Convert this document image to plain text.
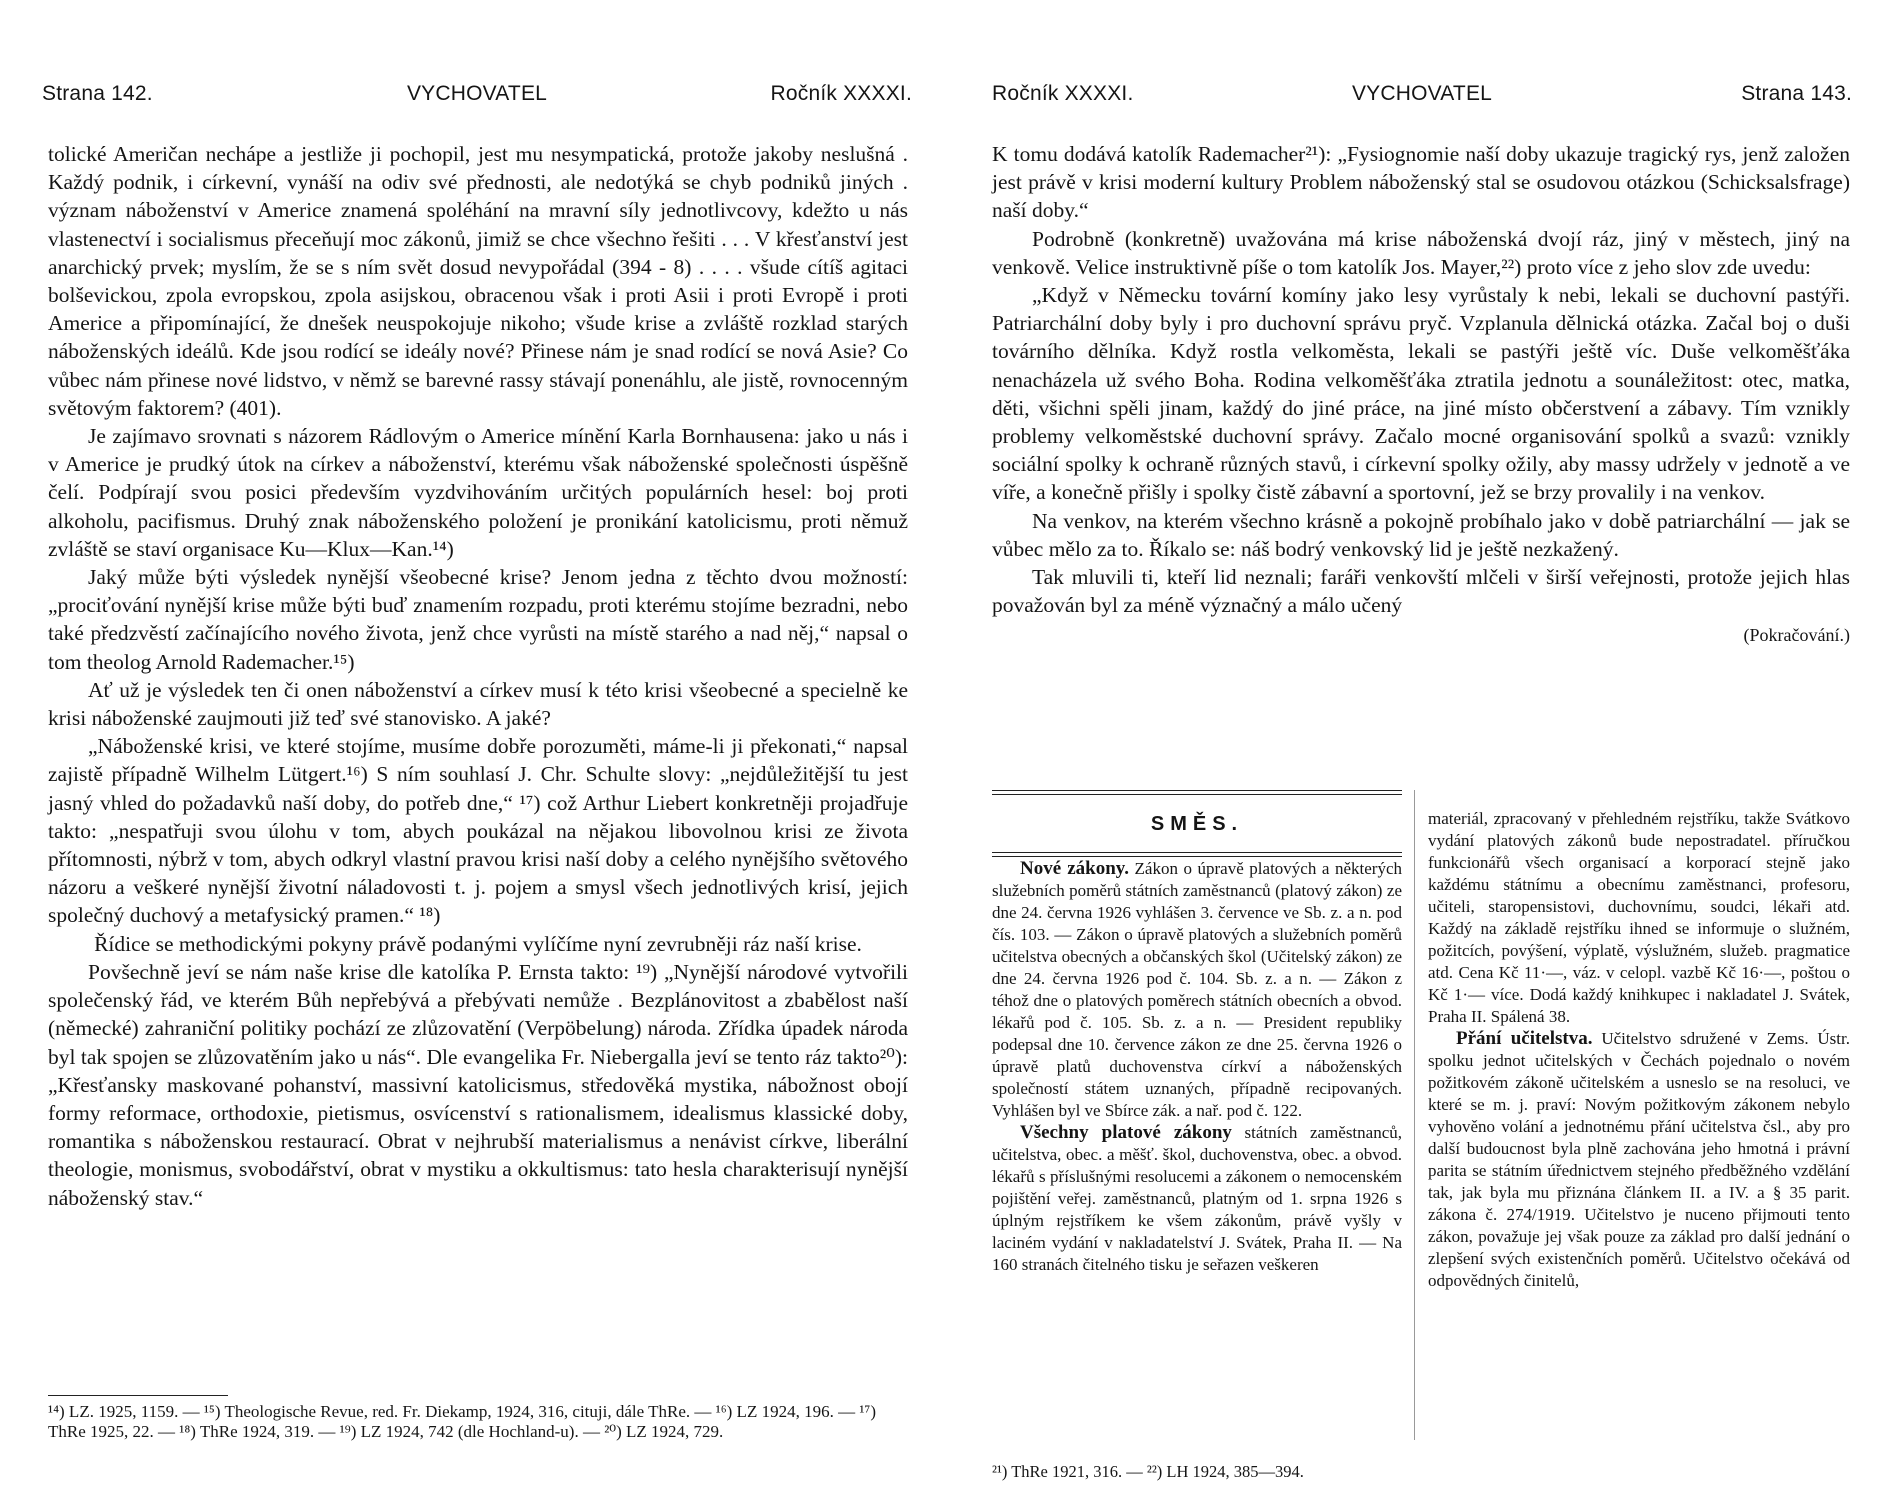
Strana 142.	VYCHOVATEL	Ročník XXXXI.

tolické Američan nechápe a jestliže ji pochopil, jest mu nesympatická, protože jakoby neslušná . Každý podnik, i církevní, vynáší na odiv své přednosti, ale nedotýká se chyb podniků jiných . význam náboženství v Americe znamená spoléhání na mravní síly jednotlivcovy, kdežto u nás vlastenectví i socialismus přeceňují moc zákonů, jimiž se chce všechno řešiti . . . V křesťanství jest anarchický prvek; myslím, že se s ním svět dosud nevypořádal (394 - 8) . . . . všude cítíš agitaci bolševickou, zpola evropskou, zpola asijskou, obracenou však i proti Asii i proti Evropě i proti Americe a připomínající, že dnešek neuspokojuje nikoho; všude krise a zvláště rozklad starých náboženských ideálů. Kde jsou rodící se ideály nové? Přinese nám je snad rodící se nová Asie? Co vůbec nám přinese nové lidstvo, v němž se barevné rassy stávají ponenáhlu, ale jistě, rovnocenným světovým faktorem? (401).

Je zajímavo srovnati s názorem Rádlovým o Americe mínění Karla Bornhausena: jako u nás i v Americe je prudký útok na církev a náboženství, kterému však náboženské společnosti úspěšně čelí. Podpírají svou posici především vyzdvihováním určitých populárních hesel: boj proti alkoholu, pacifismus. Druhý znak náboženského položení je pronikání katolicismu, proti němuž zvláště se staví organisace Ku—Klux—Kan.¹⁴)

Jaký může býti výsledek nynější všeobecné krise? Jenom jedna z těchto dvou možností: „prociťování nynější krise může býti buď znamením rozpadu, proti kterému stojíme bezradni, nebo také předzvěstí začínajícího nového života, jenž chce vyrůsti na místě starého a nad něj,“ napsal o tom theolog Arnold Rademacher.¹⁵)

Ať už je výsledek ten či onen náboženství a církev musí k této krisi všeobecné a specielně ke krisi náboženské zaujmouti již teď své stanovisko. A jaké?

„Náboženské krisi, ve které stojíme, musíme dobře porozuměti, máme-li ji překonati,“ napsal zajistě případně Wilhelm Lütgert.¹⁶) S ním souhlasí J. Chr. Schulte slovy: „nejdůležitější tu jest jasný vhled do požadavků naší doby, do potřeb dne,“ ¹⁷) což Arthur Liebert konkretněji projadřuje takto: „nespatřuji svou úlohu v tom, abych poukázal na nějakou libovolnou krisi ze života přítomnosti, nýbrž v tom, abych odkryl vlastní pravou krisi naší doby a celého nynějšího světového názoru a veškeré nynější životní náladovosti t. j. pojem a smysl všech jednotlivých krisí, jejich společný duchový a metafysický pramen.“ ¹⁸)

Řídice se methodickými pokyny právě podanými vylíčíme nyní zevrubněji ráz naší krise.

Povšechně jeví se nám naše krise dle katolíka P. Ernsta takto: ¹⁹) „Nynější národové vytvořili společenský řád, ve kterém Bůh nepřebývá a přebývati nemůže . Bezplánovitost a zbabělost naší (německé) zahraniční politiky pochází ze zlůzovatění (Verpöbelung) národa. Zřídka úpadek národa byl tak spojen se zlůzovatěním jako u nás“. Dle evangelika Fr. Niebergalla jeví se tento ráz takto²⁰): „Křesťansky maskované pohanství, massivní katolicismus, středověká mystika, nábožnost obojí formy reformace, orthodoxie, pietismus, osvícenství s rationalismem, idealismus klassické doby, romantika s náboženskou restaurací. Obrat v nejhrubší materialismus a nenávist církve, liberální theologie, monismus, svobodářství, obrat v mystiku a okkultismus: tato hesla charakterisují nynější náboženský stav.“

¹⁴) LZ. 1925, 1159. — ¹⁵) Theologische Revue, red. Fr. Diekamp, 1924, 316, cituji, dále ThRe. — ¹⁶) LZ 1924, 196. — ¹⁷) ThRe 1925, 22. — ¹⁸) ThRe 1924, 319. — ¹⁹) LZ 1924, 742 (dle Hochland-u). — ²⁰) LZ 1924, 729.
Ročník XXXXI.	VYCHOVATEL	Strana 143.

K tomu dodává katolík Rademacher²¹): „Fysiognomie naší doby ukazuje tragický rys, jenž založen jest právě v krisi moderní kultury Problem náboženský stal se osudovou otázkou (Schicksalsfrage) naší doby.“

Podrobně (konkretně) uvažována má krise náboženská dvojí ráz, jiný v městech, jiný na venkově. Velice instruktivně píše o tom katolík Jos. Mayer,²²) proto více z jeho slov zde uvedu:

„Když v Německu tovární komíny jako lesy vyrůstaly k nebi, lekali se duchovní pastýři. Patriarchální doby byly i pro duchovní správu pryč. Vzplanula dělnická otázka. Začal boj o duši továrního dělníka. Když rostla velkoměsta, lekali se pastýři ještě víc. Duše velkoměšťáka nenacházela už svého Boha. Rodina velkoměšťáka ztratila jednotu a sounáležitost: otec, matka, děti, všichni spěli jinam, každý do jiné práce, na jiné místo občerstvení a zábavy. Tím vznikly problemy velkoměstské duchovní správy. Začalo mocné organisování spolků a svazů: vznikly sociální spolky k ochraně různých stavů, i církevní spolky ožily, aby massy udržely v jednotě a ve víře, a konečně přišly i spolky čistě zábavní a sportovní, jež se brzy provalily i na venkov.

Na venkov, na kterém všechno krásně a pokojně probíhalo jako v době patriarchální — jak se vůbec mělo za to. Říkalo se: náš bodrý venkovský lid je ještě nezkažený.

Tak mluvili ti, kteří lid neznali; faráři venkovští mlčeli v širší veřejnosti, protože jejich hlas považován byl za méně význačný a málo učený

(Pokračování.)
SMĚS.

Nové zákony. Zákon o úpravě platových a některých služebních poměrů státních zaměstnanců (platový zákon) ze dne 24. června 1926 vyhlášen 3. července ve Sb. z. a n. pod čís. 103. — Zákon o úpravě platových a služebních poměrů učitelstva obecných a občanských škol (Učitelský zákon) ze dne 24. června 1926 pod č. 104. Sb. z. a n. — Zákon z téhož dne o platových poměrech státních obecních a obvod. lékařů pod č. 105. Sb. z. a n. — President republiky podepsal dne 10. července zákon ze dne 25. června 1926 o úpravě platů duchovenstva církví a náboženských společností státem uznaných, případně recipovaných. Vyhlášen byl ve Sbírce zák. a nař. pod č. 122.

Všechny platové zákony státních zaměstnanců, učitelstva, obec. a měšť. škol, duchovenstva, obec. a obvod. lékařů s příslušnými resolucemi a zákonem o nemocenském pojištění veřej. zaměstnanců, platným od 1. srpna 1926 s úplným rejstříkem ke všem zákonům, právě vyšly v laciném vydání v nakladatelství J. Svátek, Praha II. — Na 160 stranách čitelného tisku je seřazen veškeren

materiál, zpracovaný v přehledném rejstříku, takže Svátkovo vydání platových zákonů bude nepostradatel. příručkou funkcionářů všech organisací a korporací stejně jako každému státnímu a obecnímu zaměstnanci, profesoru, učiteli, staropensistovi, duchovnímu, soudci, lékaři atd. Každý na základě rejstříku ihned se informuje o služném, požitcích, povýšení, výplatě, výslužném, služeb. pragmatice atd. Cena Kč 11·—, váz. v celopl. vazbě Kč 16·—, poštou o Kč 1·— více. Dodá každý knihkupec i nakladatel J. Svátek, Praha II. Spálená 38.

Přání učitelstva. Učitelstvo sdružené v Zems. Ústr. spolku jednot učitelských v Čechách pojednalo o novém požitkovém zákoně učitelském a usneslo se na resoluci, ve které se m. j. praví: Novým požitkovým zákonem nebylo vyhověno volání a jednotnému přání učitelstva čsl., aby pro další budoucnost byla plně zachována jeho hmotná i právní parita se státním úřednictvem stejného předběžného vzdělání tak, jak byla mu přiznána článkem II. a IV. a § 35 parit. zákona č. 274/1919. Učitelstvo je nuceno přijmouti tento zákon, považuje jej však pouze za základ pro další jednání o zlepšení svých existenčních poměrů. Učitelstvo očekává od odpovědných činitelů,

²¹) ThRe 1921, 316. — ²²) LH 1924, 385—394.
